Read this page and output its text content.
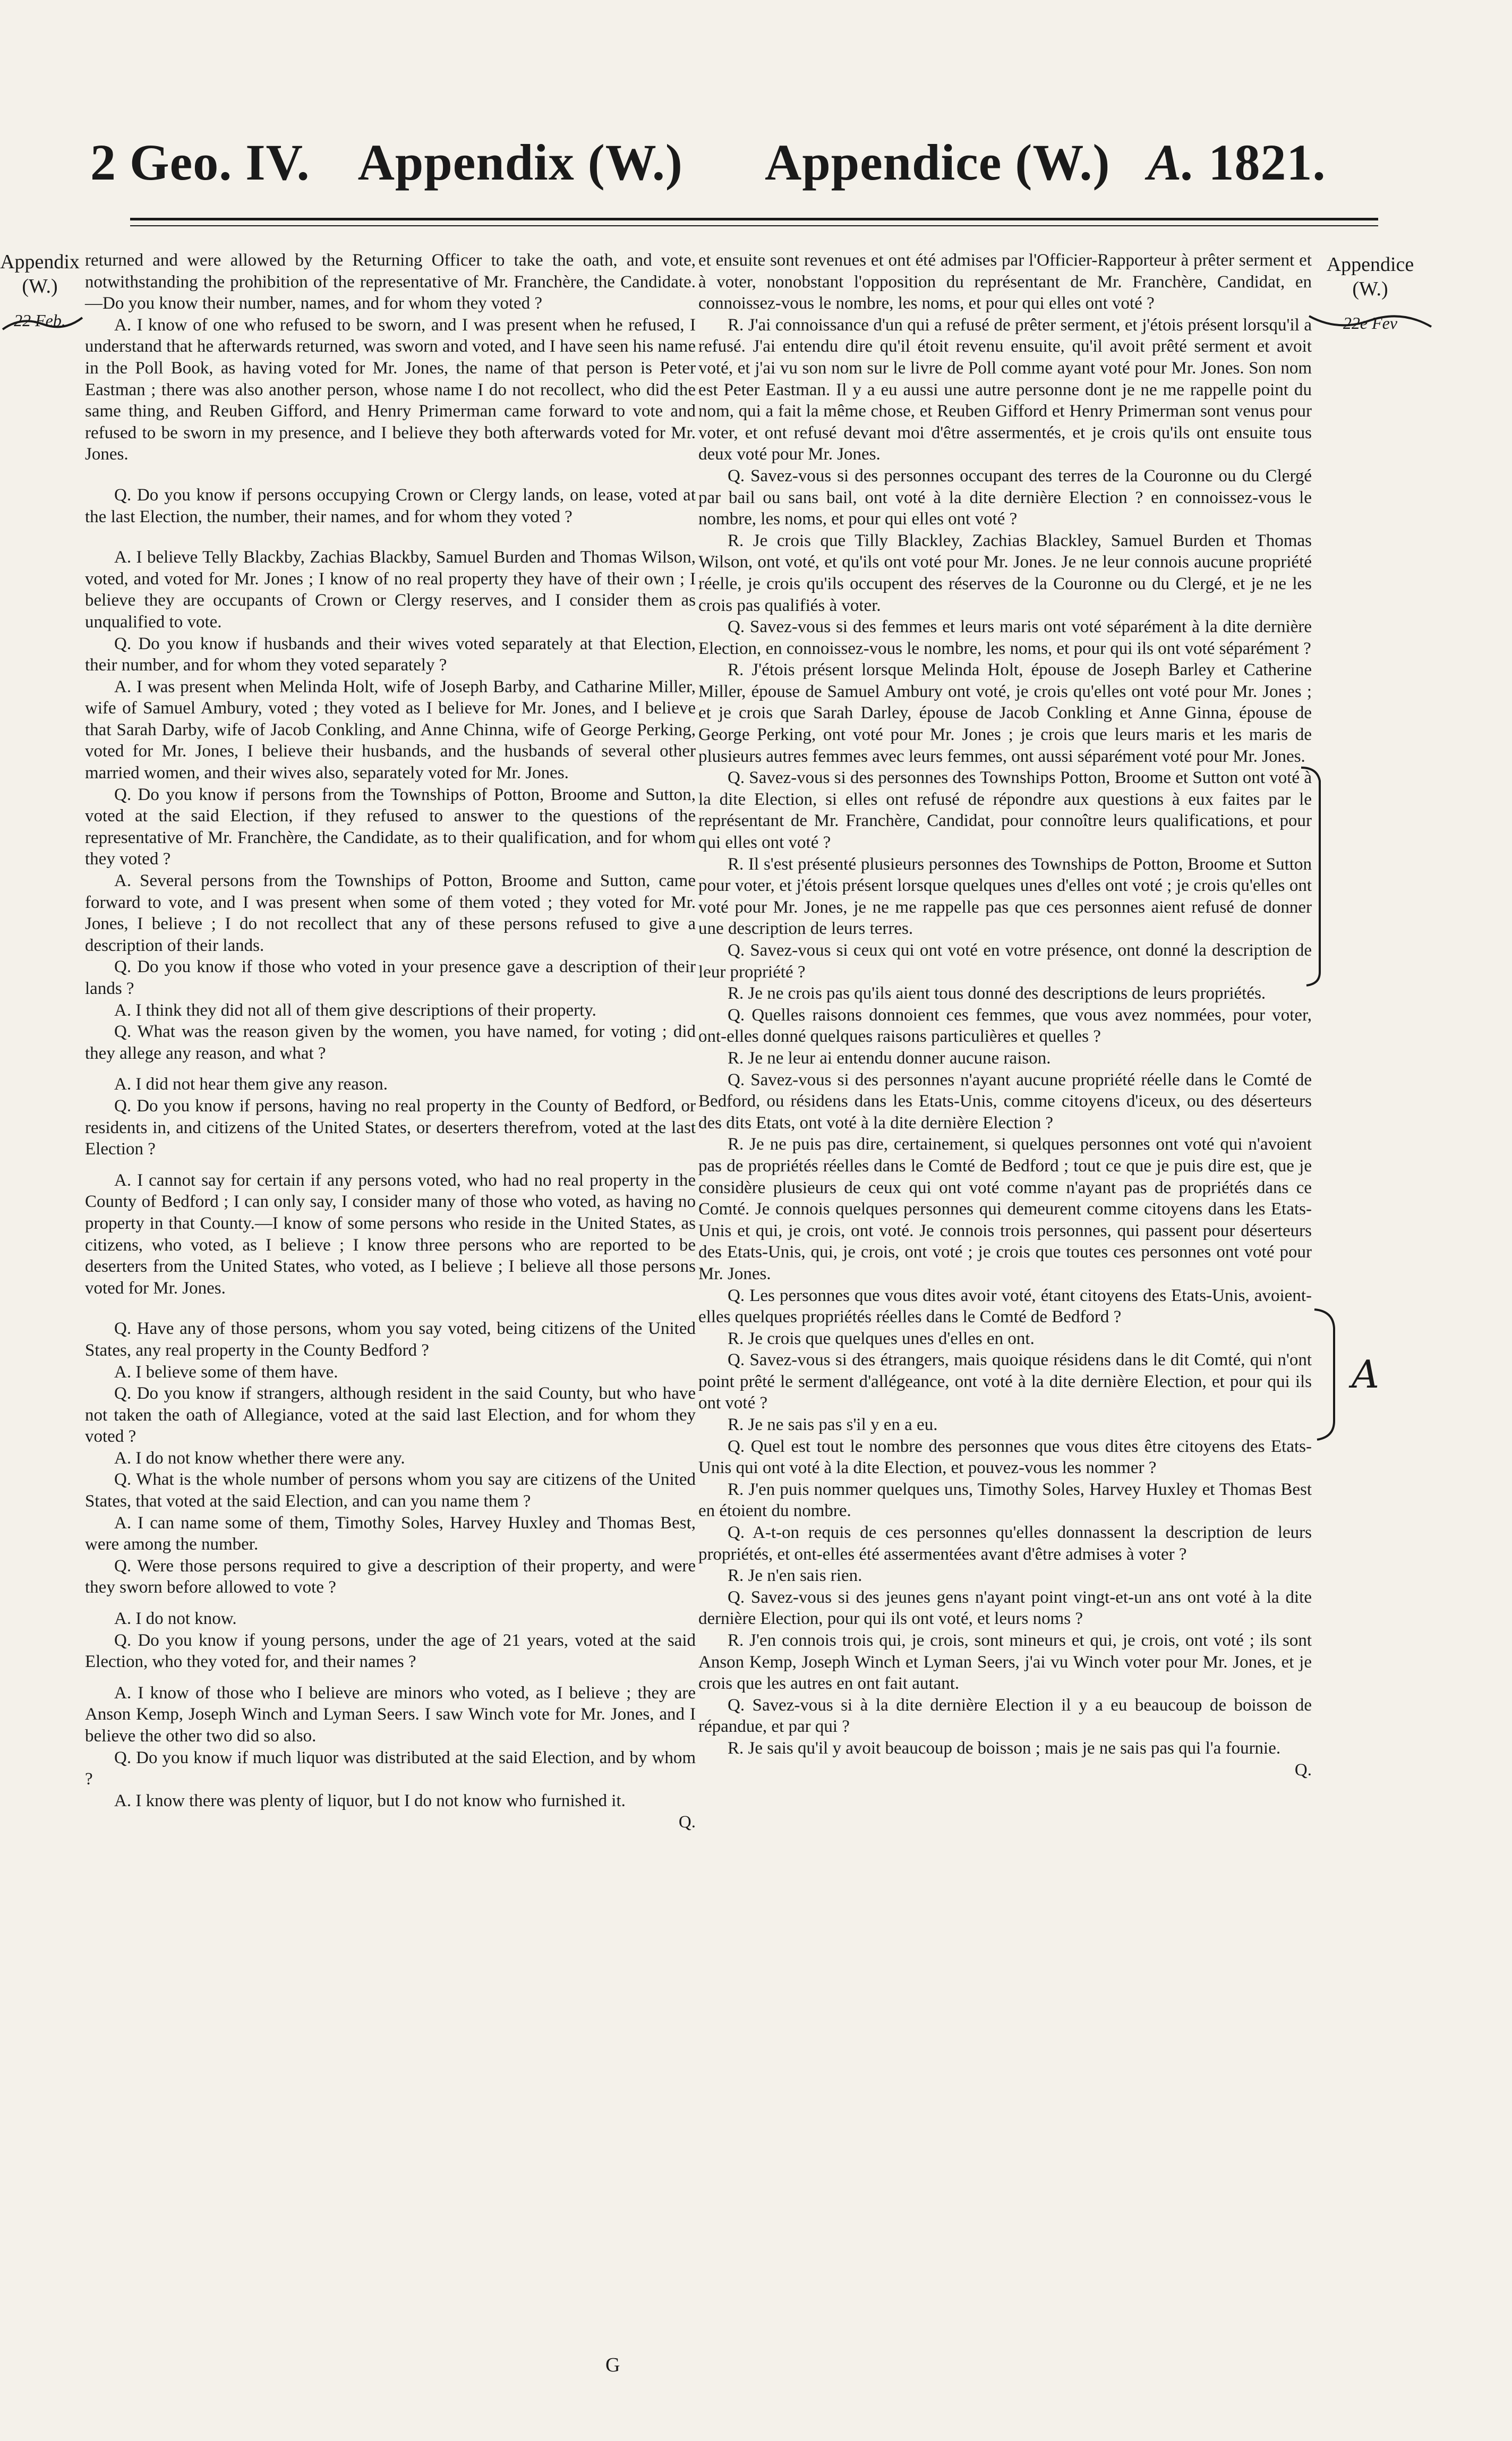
2 Geo. IV. Appendix (W.) Appendice (W.) A. 1821.
Appendix
(W.)
22 Feb.
Appendice
(W.)
22e Fev

returned and were allowed by the Returning Officer to take the oath, and vote, notwithstanding the prohibition of the representative of Mr. Franchère, the Candidate.—Do you know their number, names, and for whom they voted ?

A. I know of one who refused to be sworn, and I was present when he refused, I understand that he afterwards returned, was sworn and voted, and I have seen his name in the Poll Book, as having voted for Mr. Jones, the name of that person is Peter Eastman ; there was also another person, whose name I do not recollect, who did the same thing, and Reuben Gifford, and Henry Primerman came forward to vote and refused to be sworn in my presence, and I believe they both afterwards voted for Mr. Jones.

Q. Do you know if persons occupying Crown or Clergy lands, on lease, voted at the last Election, the number, their names, and for whom they voted ?

A. I believe Telly Blackby, Zachias Blackby, Samuel Burden and Thomas Wilson, voted, and voted for Mr. Jones ; I know of no real property they have of their own ; I believe they are occupants of Crown or Clergy reserves, and I consider them as unqualified to vote.

Q. Do you know if husbands and their wives voted separately at that Election, their number, and for whom they voted separately ?

A. I was present when Melinda Holt, wife of Joseph Barby, and Catharine Miller, wife of Samuel Ambury, voted ; they voted as I believe for Mr. Jones, and I believe that Sarah Darby, wife of Jacob Conkling, and Anne Chinna, wife of George Perking, voted for Mr. Jones, I believe their husbands, and the husbands of several other married women, and their wives also, separately voted for Mr. Jones.

Q. Do you know if persons from the Townships of Potton, Broome and Sutton, voted at the said Election, if they refused to answer to the questions of the representative of Mr. Franchère, the Candidate, as to their qualification, and for whom they voted ?

A. Several persons from the Townships of Potton, Broome and Sutton, came forward to vote, and I was present when some of them voted ; they voted for Mr. Jones, I believe ; I do not recollect that any of these persons refused to give a description of their lands.

Q. Do you know if those who voted in your presence gave a description of their lands ?

A. I think they did not all of them give descriptions of their property.

Q. What was the reason given by the women, you have named, for voting ; did they allege any reason, and what ?

A. I did not hear them give any reason.

Q. Do you know if persons, having no real property in the County of Bedford, or residents in, and citizens of the United States, or deserters therefrom, voted at the last Election ?

A. I cannot say for certain if any persons voted, who had no real property in the County of Bedford ; I can only say, I consider many of those who voted, as having no property in that County.—I know of some persons who reside in the United States, as citizens, who voted, as I believe ; I know three persons who are reported to be deserters from the United States, who voted, as I believe ; I believe all those persons voted for Mr. Jones.

Q. Have any of those persons, whom you say voted, being citizens of the United States, any real property in the County Bedford ?

A. I believe some of them have.

Q. Do you know if strangers, although resident in the said County, but who have not taken the oath of Allegiance, voted at the said last Election, and for whom they voted ?

A. I do not know whether there were any.

Q. What is the whole number of persons whom you say are citizens of the United States, that voted at the said Election, and can you name them ?

A. I can name some of them, Timothy Soles, Harvey Huxley and Thomas Best, were among the number.

Q. Were those persons required to give a description of their property, and were they sworn before allowed to vote ?

A. I do not know.

Q. Do you know if young persons, under the age of 21 years, voted at the said Election, who they voted for, and their names ?

A. I know of those who I believe are minors who voted, as I believe ; they are Anson Kemp, Joseph Winch and Lyman Seers. I saw Winch vote for Mr. Jones, and I believe the other two did so also.

Q. Do you know if much liquor was distributed at the said Election, and by whom ?

A. I know there was plenty of liquor, but I do not know who furnished it.

Q.

et ensuite sont revenues et ont été admises par l'Officier-Rapporteur à prêter serment et à voter, nonobstant l'opposition du représentant de Mr. Franchère, Candidat, en connoissez-vous le nombre, les noms, et pour qui elles ont voté ?

R. J'ai connoissance d'un qui a refusé de prêter serment, et j'étois présent lorsqu'il a refusé. J'ai entendu dire qu'il étoit revenu ensuite, qu'il avoit prêté serment et avoit voté, et j'ai vu son nom sur le livre de Poll comme ayant voté pour Mr. Jones. Son nom est Peter Eastman. Il y a eu aussi une autre personne dont je ne me rappelle point du nom, qui a fait la même chose, et Reuben Gifford et Henry Primerman sont venus pour voter, et ont refusé devant moi d'être assermentés, et je crois qu'ils ont ensuite tous deux voté pour Mr. Jones.

Q. Savez-vous si des personnes occupant des terres de la Couronne ou du Clergé par bail ou sans bail, ont voté à la dite dernière Election ? en connoissez-vous le nombre, les noms, et pour qui elles ont voté ?

R. Je crois que Tilly Blackley, Zachias Blackley, Samuel Burden et Thomas Wilson, ont voté, et qu'ils ont voté pour Mr. Jones. Je ne leur connois aucune propriété réelle, je crois qu'ils occupent des réserves de la Couronne ou du Clergé, et je ne les crois pas qualifiés à voter.

Q. Savez-vous si des femmes et leurs maris ont voté séparément à la dite dernière Election, en connoissez-vous le nombre, les noms, et pour qui ils ont voté séparément ?

R. J'étois présent lorsque Melinda Holt, épouse de Joseph Barley et Catherine Miller, épouse de Samuel Ambury ont voté, je crois qu'elles ont voté pour Mr. Jones ; et je crois que Sarah Darley, épouse de Jacob Conkling et Anne Ginna, épouse de George Perking, ont voté pour Mr. Jones ; je crois que leurs maris et les maris de plusieurs autres femmes avec leurs femmes, ont aussi séparément voté pour Mr. Jones.

Q. Savez-vous si des personnes des Townships Potton, Broome et Sutton ont voté à la dite Election, si elles ont refusé de répondre aux questions à eux faites par le représentant de Mr. Franchère, Candidat, pour connoître leurs qualifications, et pour qui elles ont voté ?

R. Il s'est présenté plusieurs personnes des Townships de Potton, Broome et Sutton pour voter, et j'étois présent lorsque quelques unes d'elles ont voté ; je crois qu'elles ont voté pour Mr. Jones, je ne me rappelle pas que ces personnes aient refusé de donner une description de leurs terres.

Q. Savez-vous si ceux qui ont voté en votre présence, ont donné la description de leur propriété ?

R. Je ne crois pas qu'ils aient tous donné des descriptions de leurs propriétés.

Q. Quelles raisons donnoient ces femmes, que vous avez nommées, pour voter, ont-elles donné quelques raisons particulières et quelles ?

R. Je ne leur ai entendu donner aucune raison.

Q. Savez-vous si des personnes n'ayant aucune propriété réelle dans le Comté de Bedford, ou résidens dans les Etats-Unis, comme citoyens d'iceux, ou des déserteurs des dits Etats, ont voté à la dite dernière Election ?

R. Je ne puis pas dire, certainement, si quelques personnes ont voté qui n'avoient pas de propriétés réelles dans le Comté de Bedford ; tout ce que je puis dire est, que je considère plusieurs de ceux qui ont voté comme n'ayant pas de propriétés dans ce Comté. Je connois quelques personnes qui demeurent comme citoyens dans les Etats-Unis et qui, je crois, ont voté. Je connois trois personnes, qui passent pour déserteurs des Etats-Unis, qui, je crois, ont voté ; je crois que toutes ces personnes ont voté pour Mr. Jones.

Q. Les personnes que vous dites avoir voté, étant citoyens des Etats-Unis, avoient-elles quelques propriétés réelles dans le Comté de Bedford ?

R. Je crois que quelques unes d'elles en ont.

Q. Savez-vous si des étrangers, mais quoique résidens dans le dit Comté, qui n'ont point prêté le serment d'allégeance, ont voté à la dite dernière Election, et pour qui ils ont voté ?

R. Je ne sais pas s'il y en a eu.

Q. Quel est tout le nombre des personnes que vous dites être citoyens des Etats-Unis qui ont voté à la dite Election, et pouvez-vous les nommer ?

R. J'en puis nommer quelques uns, Timothy Soles, Harvey Huxley et Thomas Best en étoient du nombre.

Q. A-t-on requis de ces personnes qu'elles donnassent la description de leurs propriétés, et ont-elles été assermentées avant d'être admises à voter ?

R. Je n'en sais rien.

Q. Savez-vous si des jeunes gens n'ayant point vingt-et-un ans ont voté à la dite dernière Election, pour qui ils ont voté, et leurs noms ?

R. J'en connois trois qui, je crois, sont mineurs et qui, je crois, ont voté ; ils sont Anson Kemp, Joseph Winch et Lyman Seers, j'ai vu Winch voter pour Mr. Jones, et je crois que les autres en ont fait autant.

Q. Savez-vous si à la dite dernière Election il y a eu beaucoup de boisson de répandue, et par qui ?

R. Je sais qu'il y avoit beaucoup de boisson ; mais je ne sais pas qui l'a fournie.

Q.
A
G
